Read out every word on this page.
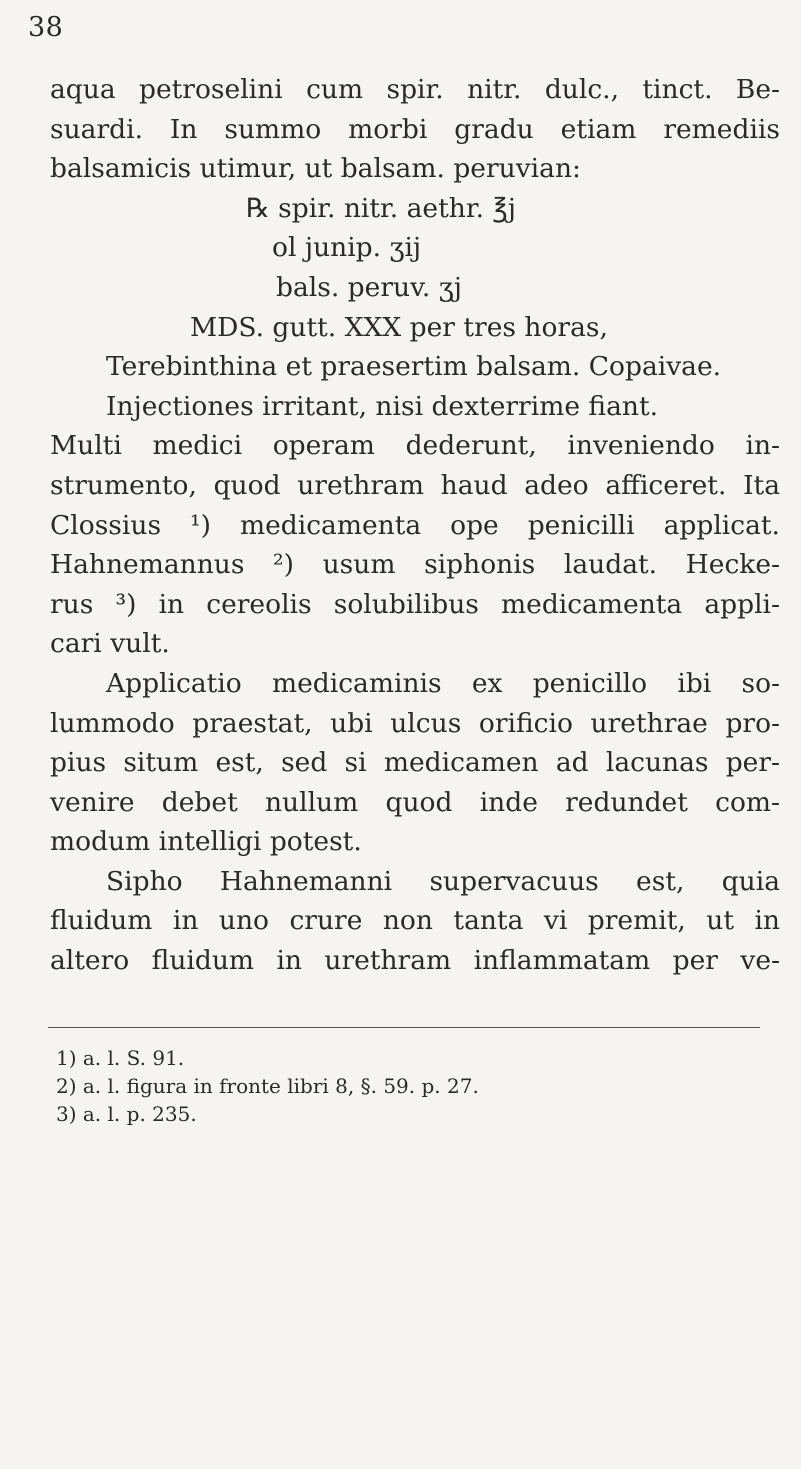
38
aqua petroselini cum spir. nitr. dulc., tinct. Be-
suardi. In summo morbi gradu etiam remediis
balsamicis utimur, ut balsam. peruvian:
℞ spir. nitr. aethr. ℥j
ol junip. ʒij
bals. peruv. ʒj
MDS. gutt. XXX per tres horas,
Terebinthina et praesertim balsam. Copaivae.
Injectiones irritant, nisi dexterrime fiant.
Multi medici operam dederunt, inveniendo in-
strumento, quod urethram haud adeo afficeret. Ita
Clossius ¹) medicamenta ope penicilli applicat.
Hahnemannus ²) usum siphonis laudat. Hecke-
rus ³) in cereolis solubilibus medicamenta appli-
cari vult.
Applicatio medicaminis ex penicillo ibi so-
lummodo praestat, ubi ulcus orificio urethrae pro-
pius situm est, sed si medicamen ad lacunas per-
venire debet nullum quod inde redundet com-
modum intelligi potest.
Sipho Hahnemanni supervacuus est, quia
fluidum in uno crure non tanta vi premit, ut in
altero fluidum in urethram inflammatam per ve-
1) a. l. S. 91.
2) a. l. figura in fronte libri 8, §. 59. p. 27.
3) a. l. p. 235.
